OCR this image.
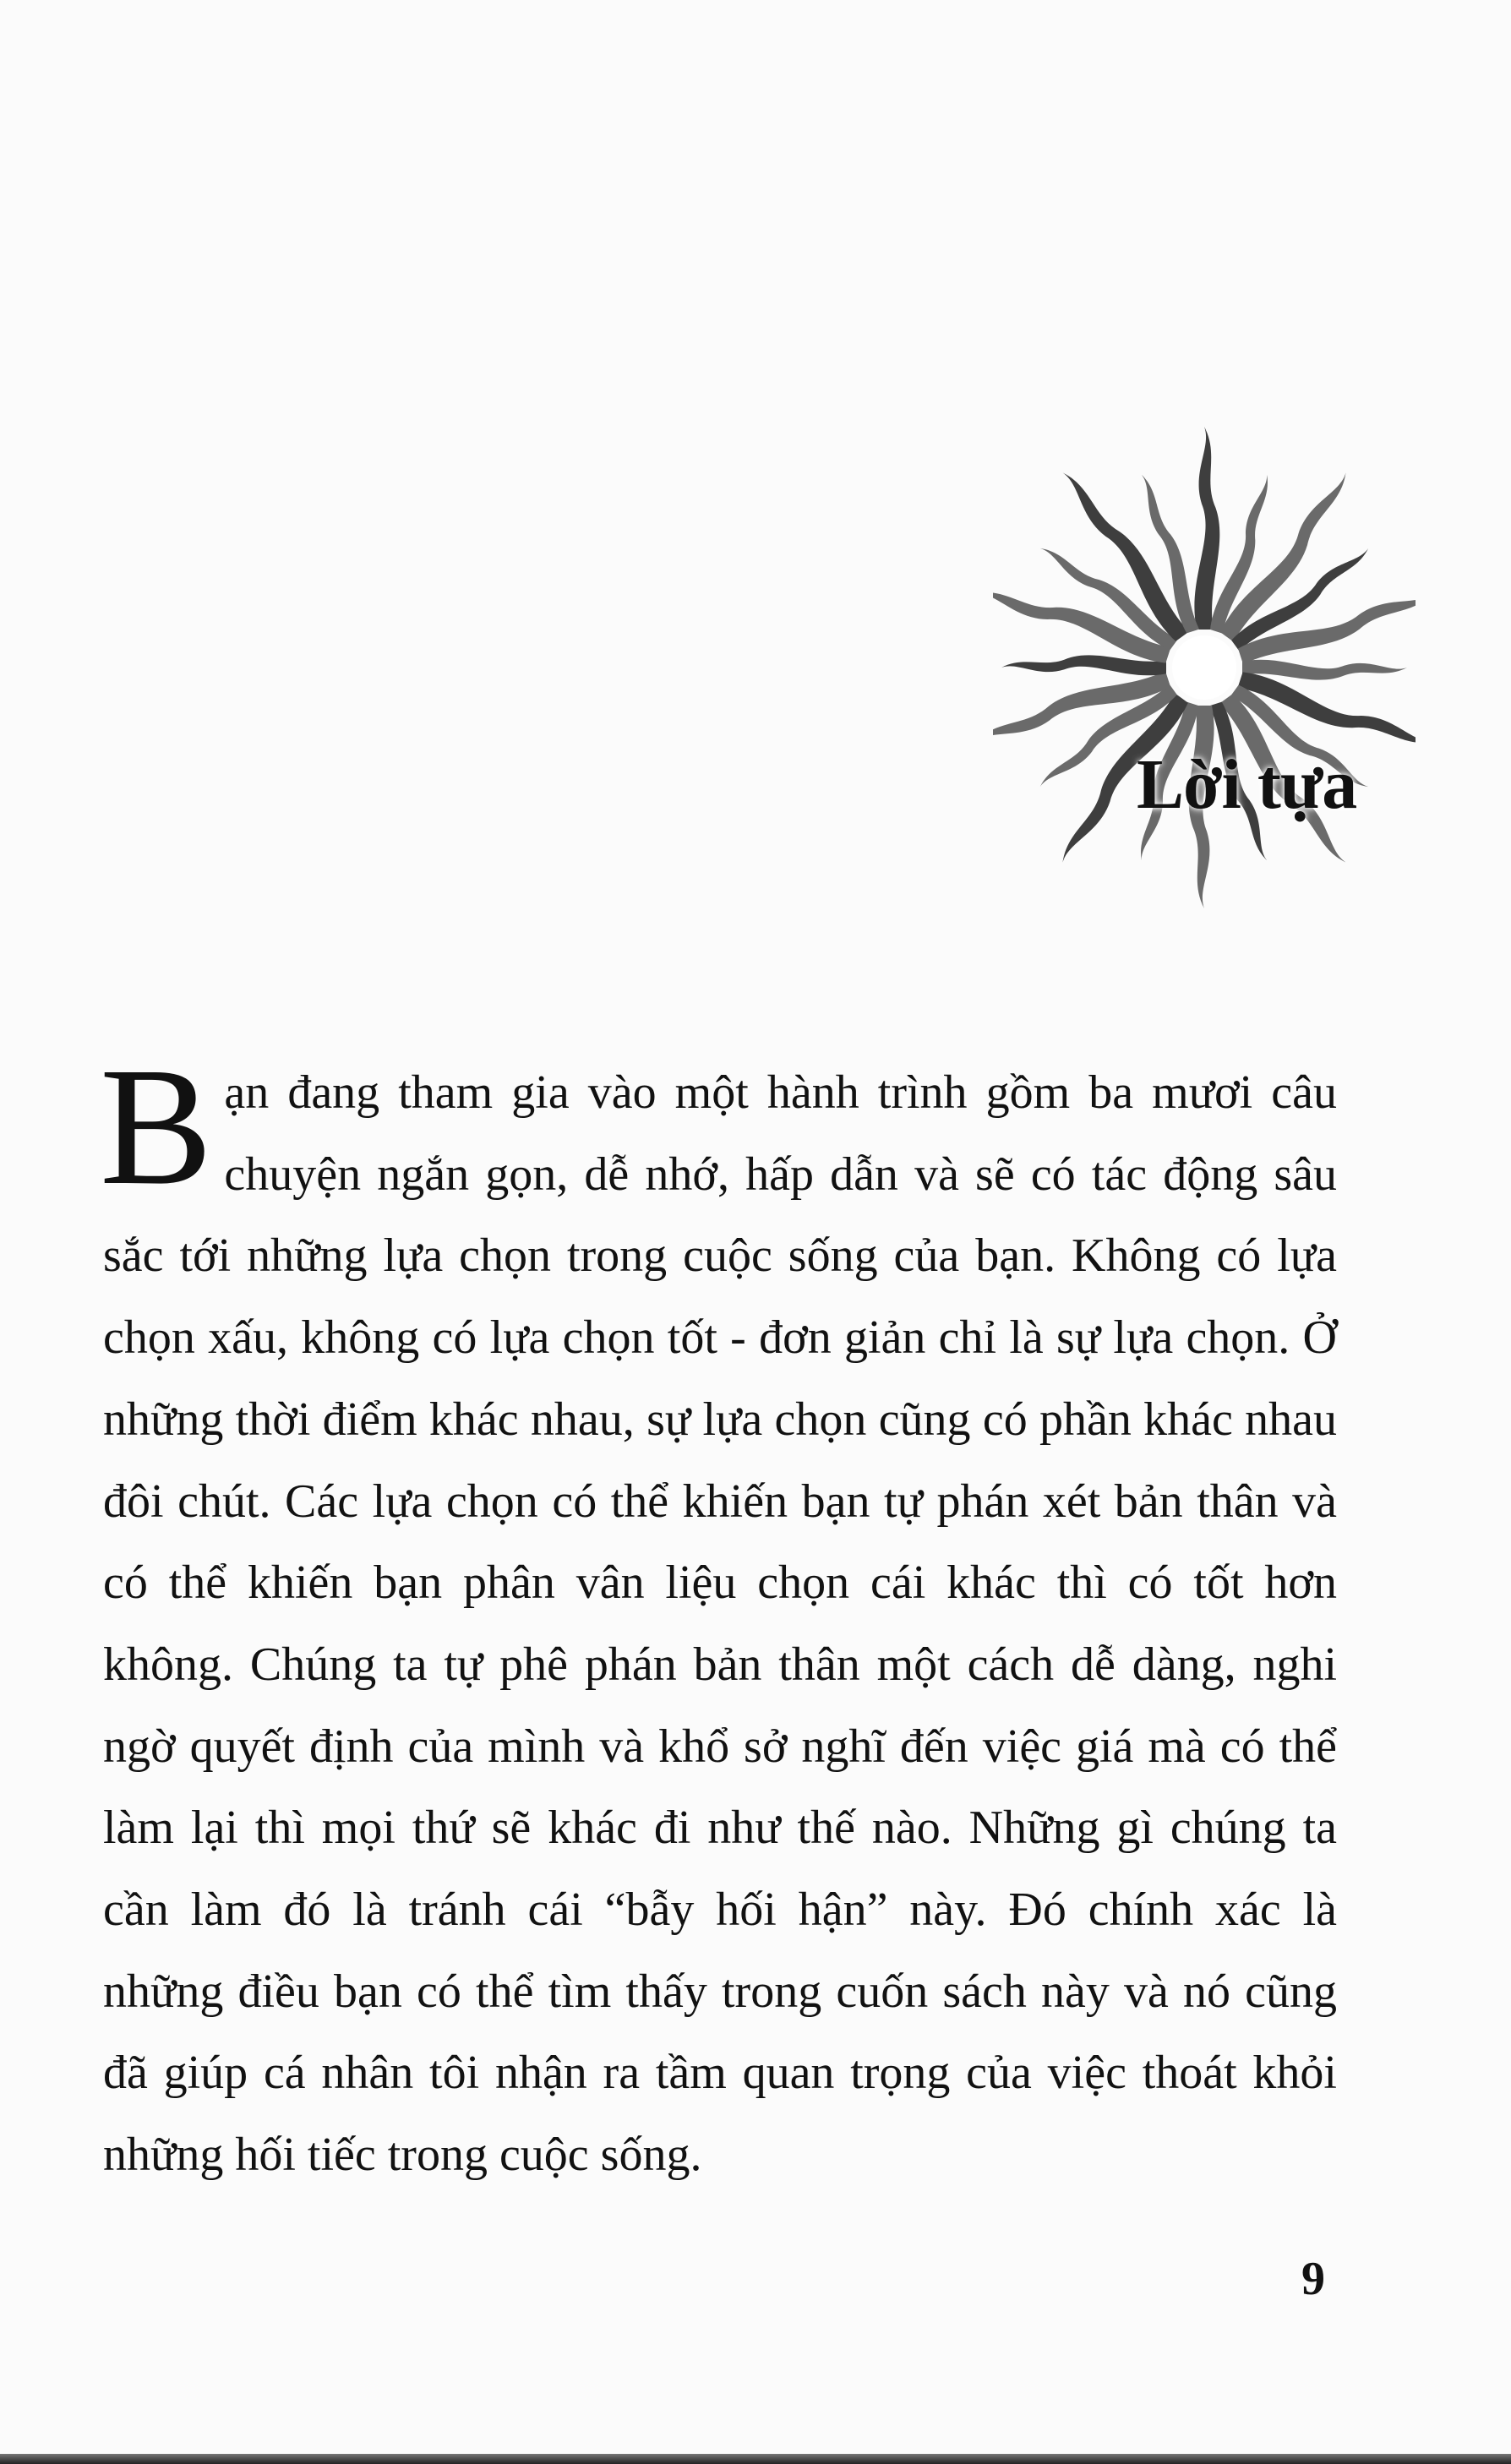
Lời tựa
Bạn đang tham gia vào một hành trình gồm ba mươi câu chuyện ngắn gọn, dễ nhớ, hấp dẫn và sẽ có tác động sâu sắc tới những lựa chọn trong cuộc sống của bạn. Không có lựa chọn xấu, không có lựa chọn tốt - đơn giản chỉ là sự lựa chọn. Ở những thời điểm khác nhau, sự lựa chọn cũng có phần khác nhau đôi chút. Các lựa chọn có thể khiến bạn tự phán xét bản thân và có thể khiến bạn phân vân liệu chọn cái khác thì có tốt hơn không. Chúng ta tự phê phán bản thân một cách dễ dàng, nghi ngờ quyết định của mình và khổ sở nghĩ đến việc giá mà có thể làm lại thì mọi thứ sẽ khác đi như thế nào. Những gì chúng ta cần làm đó là tránh cái “bẫy hối hận” này. Đó chính xác là những điều bạn có thể tìm thấy trong cuốn sách này và nó cũng đã giúp cá nhân tôi nhận ra tầm quan trọng của việc thoát khỏi những hối tiếc trong cuộc sống.
9
